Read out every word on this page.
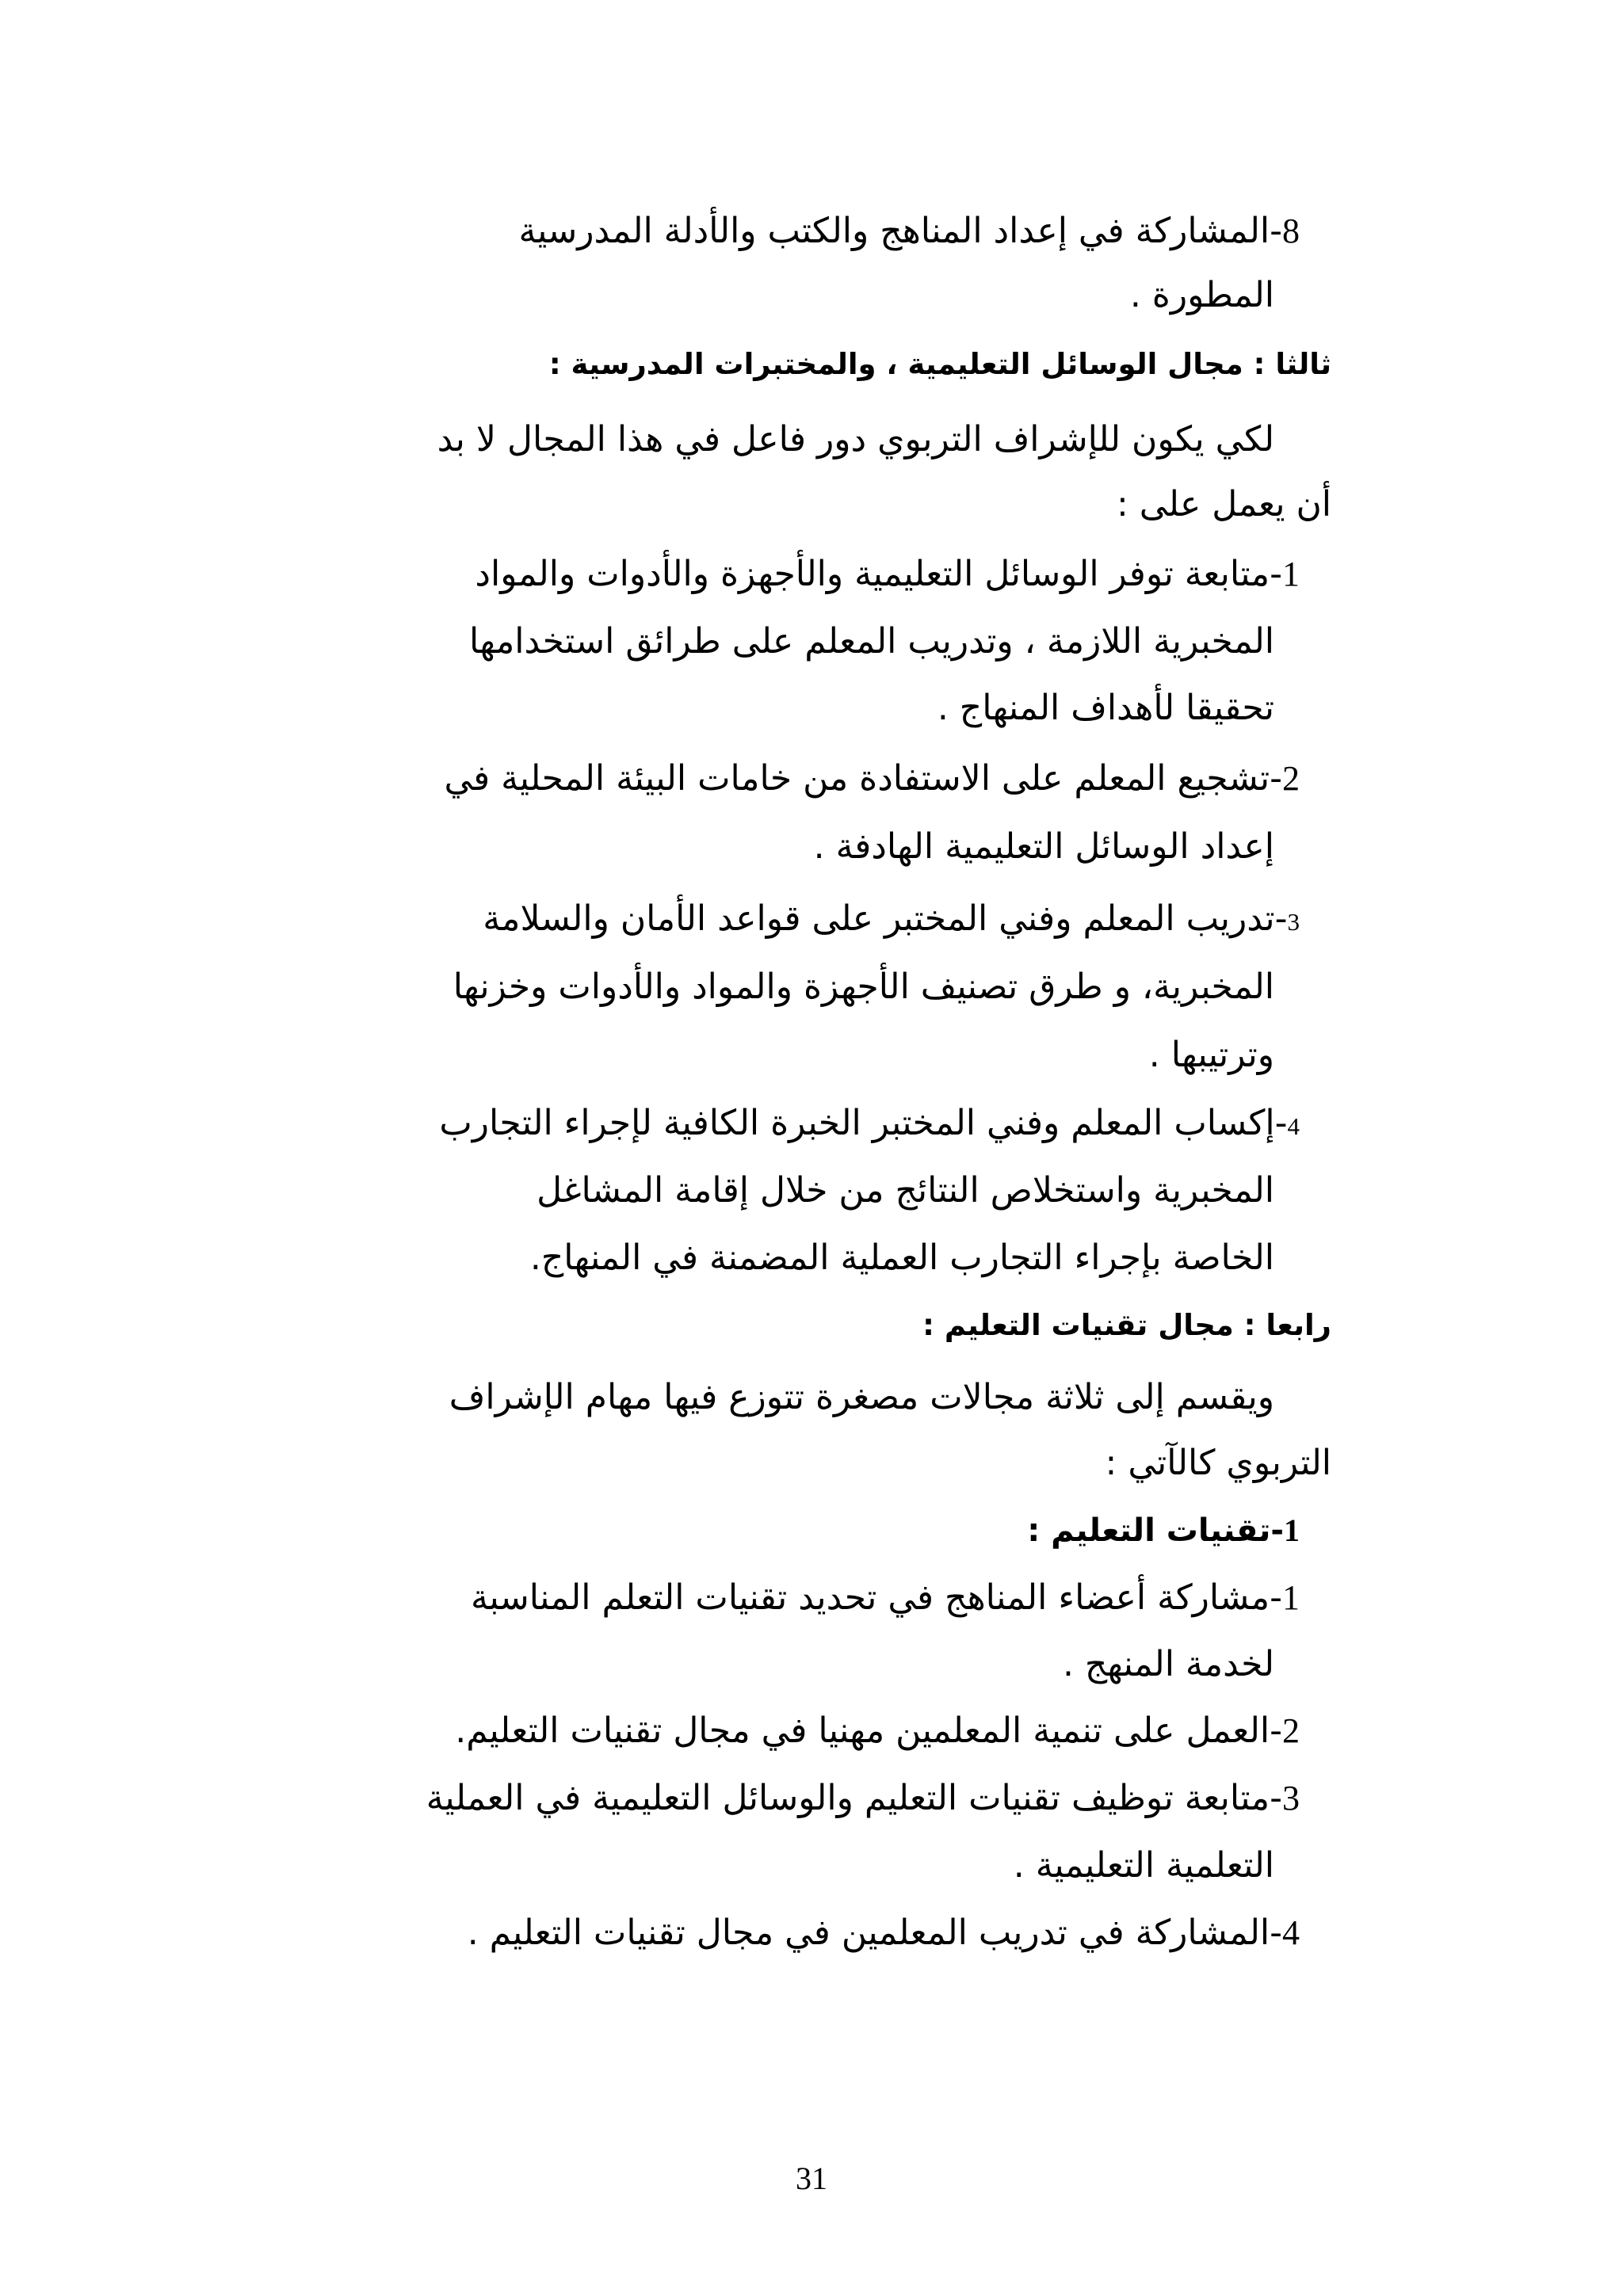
8-المشاركة في إعداد المناهج والكتب والأدلة المدرسية
المطورة .
ثالثا : مجال الوسائل التعليمية ، والمختبرات المدرسية :
لكي يكون للإشراف التربوي دور فاعل في هذا المجال لا بد
أن يعمل على :
1-متابعة توفر الوسائل التعليمية والأجهزة والأدوات والمواد
المخبرية اللازمة ، وتدريب المعلم على طرائق استخدامها
تحقيقا لأهداف المنهاج .
2-تشجيع المعلم على الاستفادة من خامات البيئة المحلية في
إعداد الوسائل التعليمية الهادفة .
3-تدريب المعلم وفني المختبر على قواعد الأمان والسلامة
المخبرية، و طرق تصنيف الأجهزة والمواد والأدوات وخزنها
وترتيبها .
4-إكساب المعلم وفني المختبر الخبرة الكافية لإجراء التجارب
المخبرية واستخلاص النتائج من خلال إقامة المشاغل
الخاصة بإجراء التجارب العملية المضمنة في المنهاج.
رابعا : مجال تقنيات التعليم :
ويقسم إلى ثلاثة مجالات مصغرة تتوزع فيها مهام الإشراف
التربوي كالآتي :
1-تقنيات التعليم :
1-مشاركة أعضاء المناهج في تحديد تقنيات التعلم المناسبة
لخدمة المنهج .
2-العمل على تنمية المعلمين مهنيا في مجال تقنيات التعليم.
3-متابعة توظيف تقنيات التعليم والوسائل التعليمية في العملية
التعلمية التعليمية .
4-المشاركة في تدريب المعلمين في مجال تقنيات التعليم .
31
